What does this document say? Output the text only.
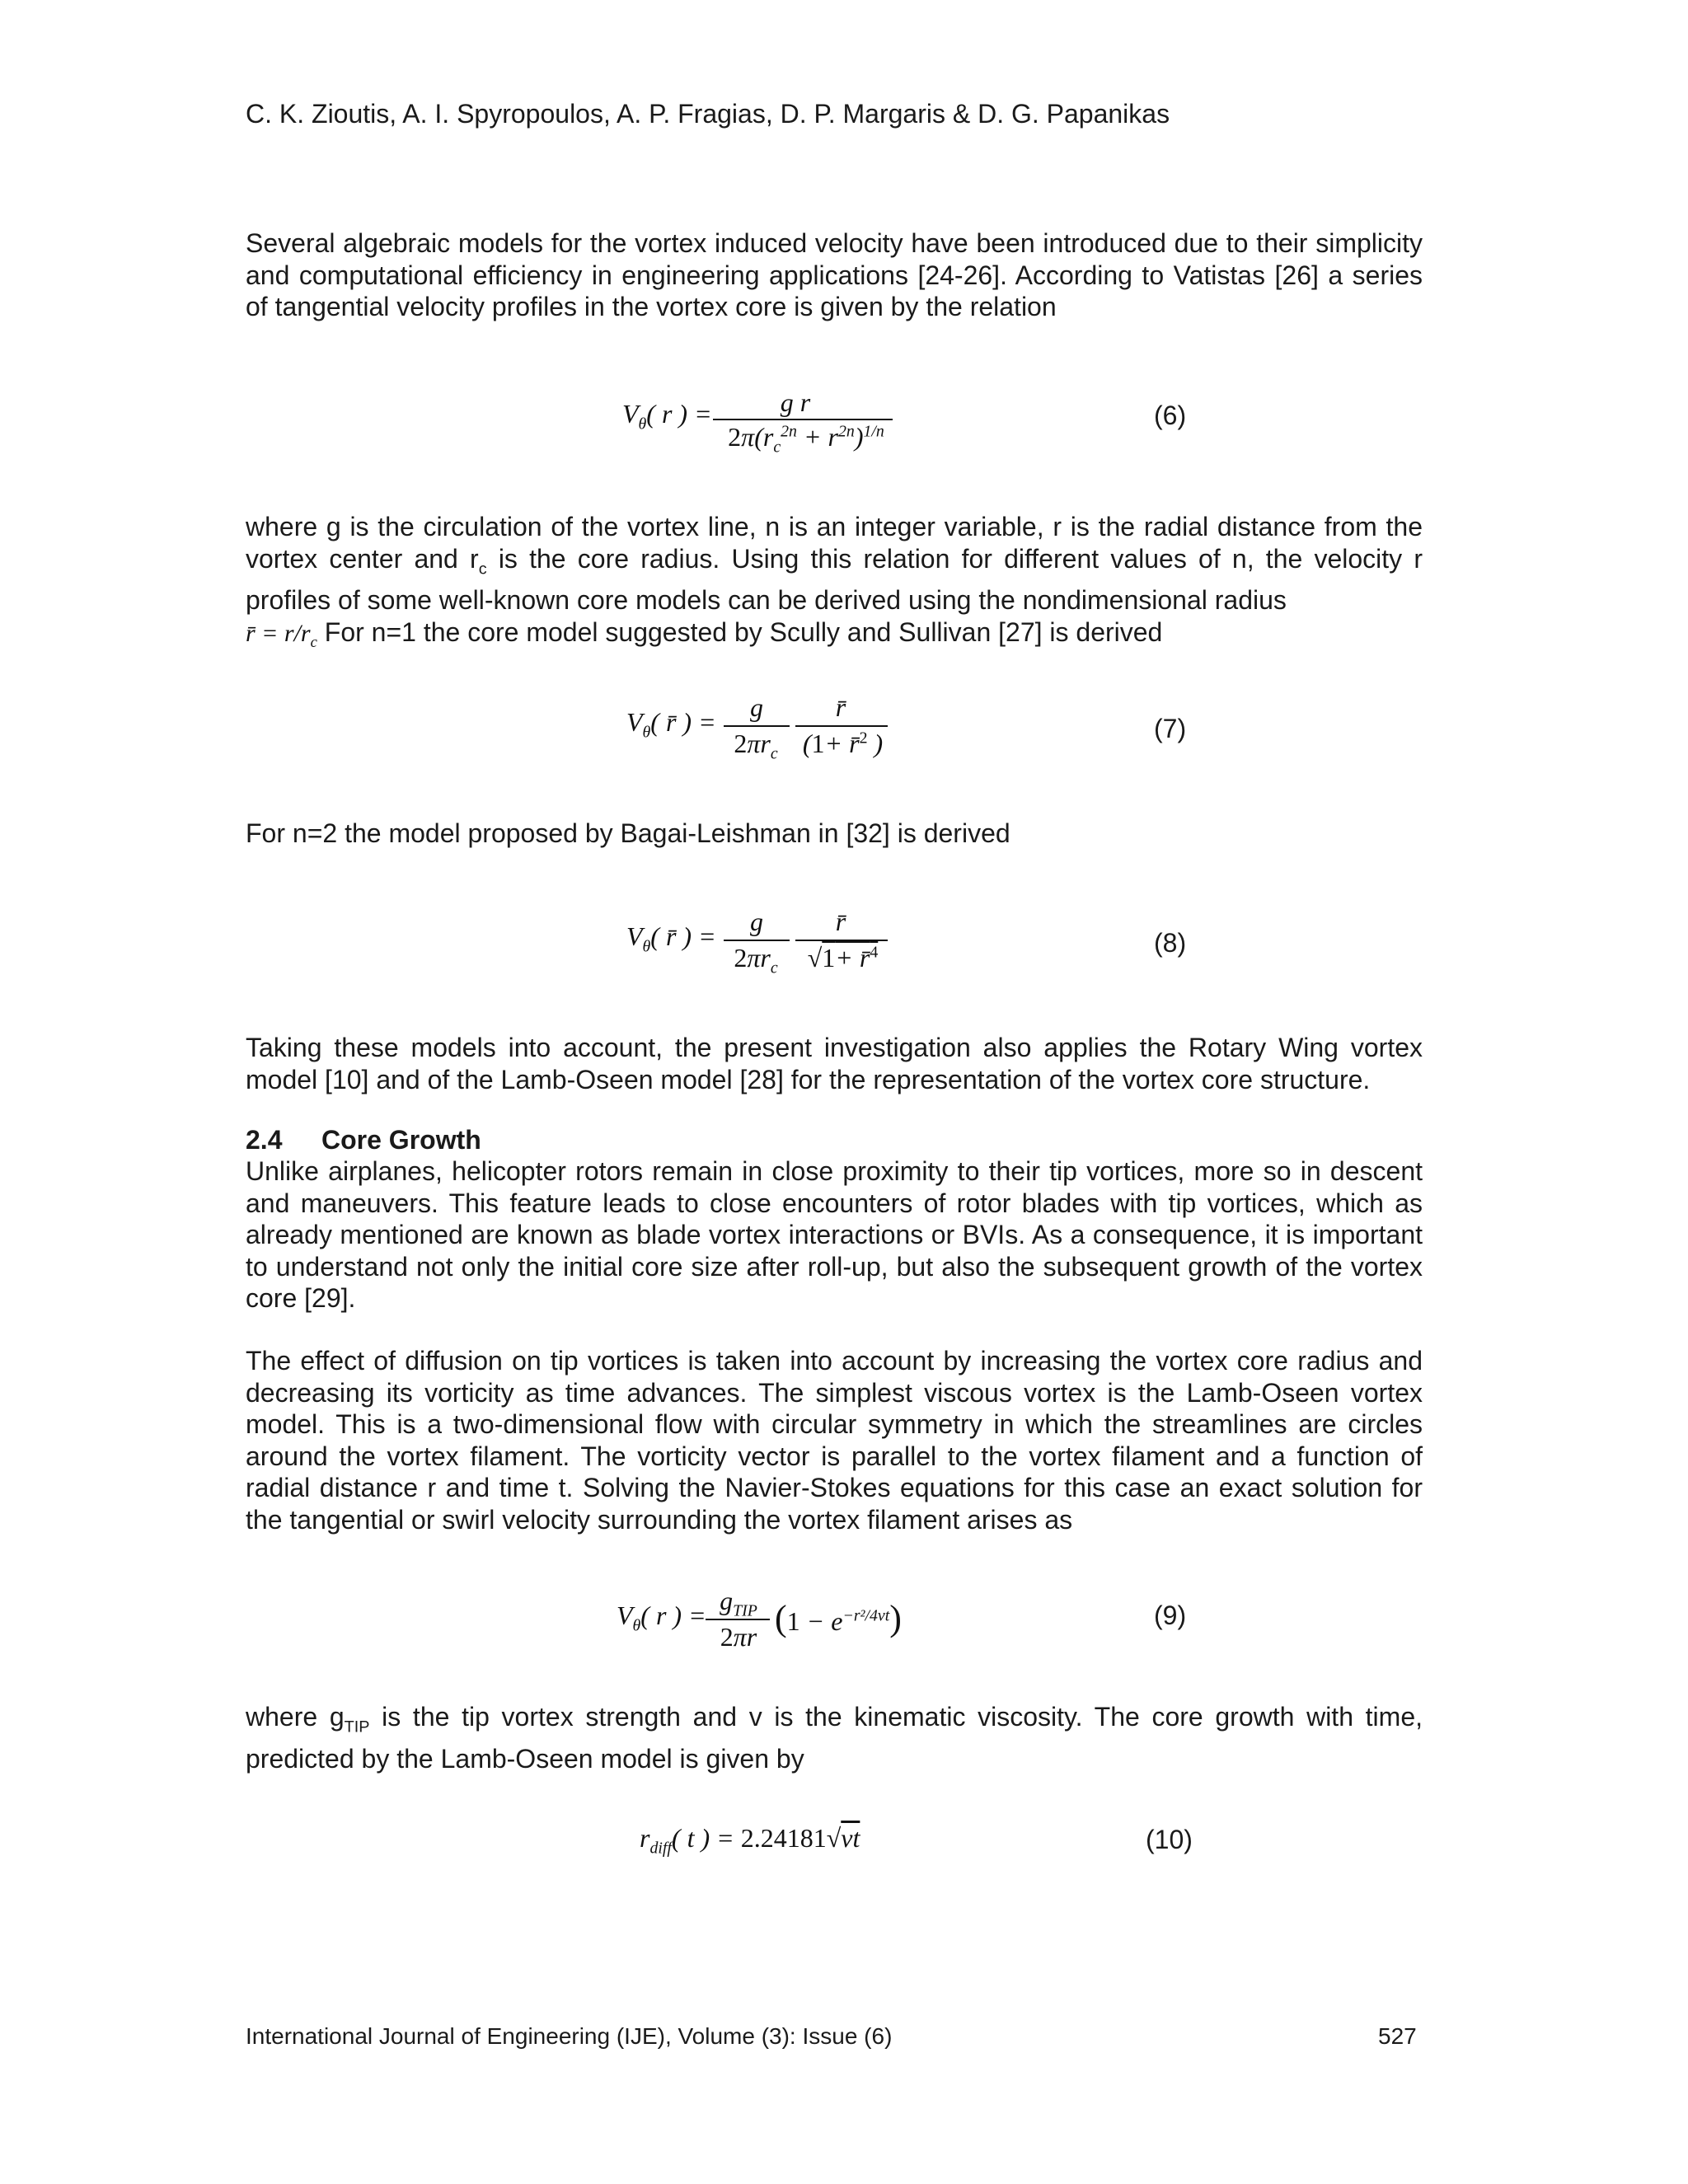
C. K. Zioutis, A. I. Spyropoulos, A. P. Fragias, D. P. Margaris & D. G. Papanikas

Several algebraic models for the vortex induced velocity have been introduced due to their simplicity and computational efficiency in engineering applications [24-26]. According to Vatistas [26] a series of tangential velocity profiles in the vortex core is given by the relation

$V_\theta$( r ) =	g r
$2\pi(r_c^{2n} + r^{2n})^{1/n}$
(6)

where g is the circulation of the vortex line, n is an integer variable, r is the radial distance from the vortex center and $r_c$ is the core radius. Using this relation for different values of n, the velocity r profiles of some well-known core models can be derived using the nondimensional radius
r̄ = $r/r_c$ For n=1 the core model suggested by Scully and Sullivan [27] is derived

$V_\theta$( r̄ ) =	g
$2\pi r_c$
r̄
(1+ r̄$^2$ )	(7)

For n=2 the model proposed by Bagai-Leishman in [32] is derived

$V_\theta$( r̄ ) =	g
$2\pi r_c$
r̄
√1+ r̄$^4$	(8)

Taking these models into account, the present investigation also applies the Rotary Wing vortex model [10] and of the Lamb-Oseen model [28] for the representation of the vortex core structure.

2.4 Core Growth

Unlike airplanes, helicopter rotors remain in close proximity to their tip vortices, more so in descent and maneuvers. This feature leads to close encounters of rotor blades with tip vortices, which as already mentioned are known as blade vortex interactions or BVIs. As a consequence, it is important to understand not only the initial core size after roll-up, but also the subsequent growth of the vortex core [29].

The effect of diffusion on tip vortices is taken into account by increasing the vortex core radius and decreasing its vorticity as time advances. The simplest viscous vortex is the Lamb-Oseen vortex model. This is a two-dimensional flow with circular symmetry in which the streamlines are circles around the vortex filament. The vorticity vector is parallel to the vortex filament and a function of radial distance r and time t. Solving the Navier-Stokes equations for this case an exact solution for the tangential or swirl velocity surrounding the vortex filament arises as

$V_\theta$( r ) = $g_{TIP}$
2πr $(1 - e^{-r^2/4\nu t})$	(9)

where $g_{TIP}$ is the tip vortex strength and v is the kinematic viscosity. The core growth with time, predicted by the Lamb-Oseen model is given by

$r_{diff}$( t ) = 2.24181√νt	(10)
International Journal of Engineering (IJE), Volume (3): Issue (6)	527
